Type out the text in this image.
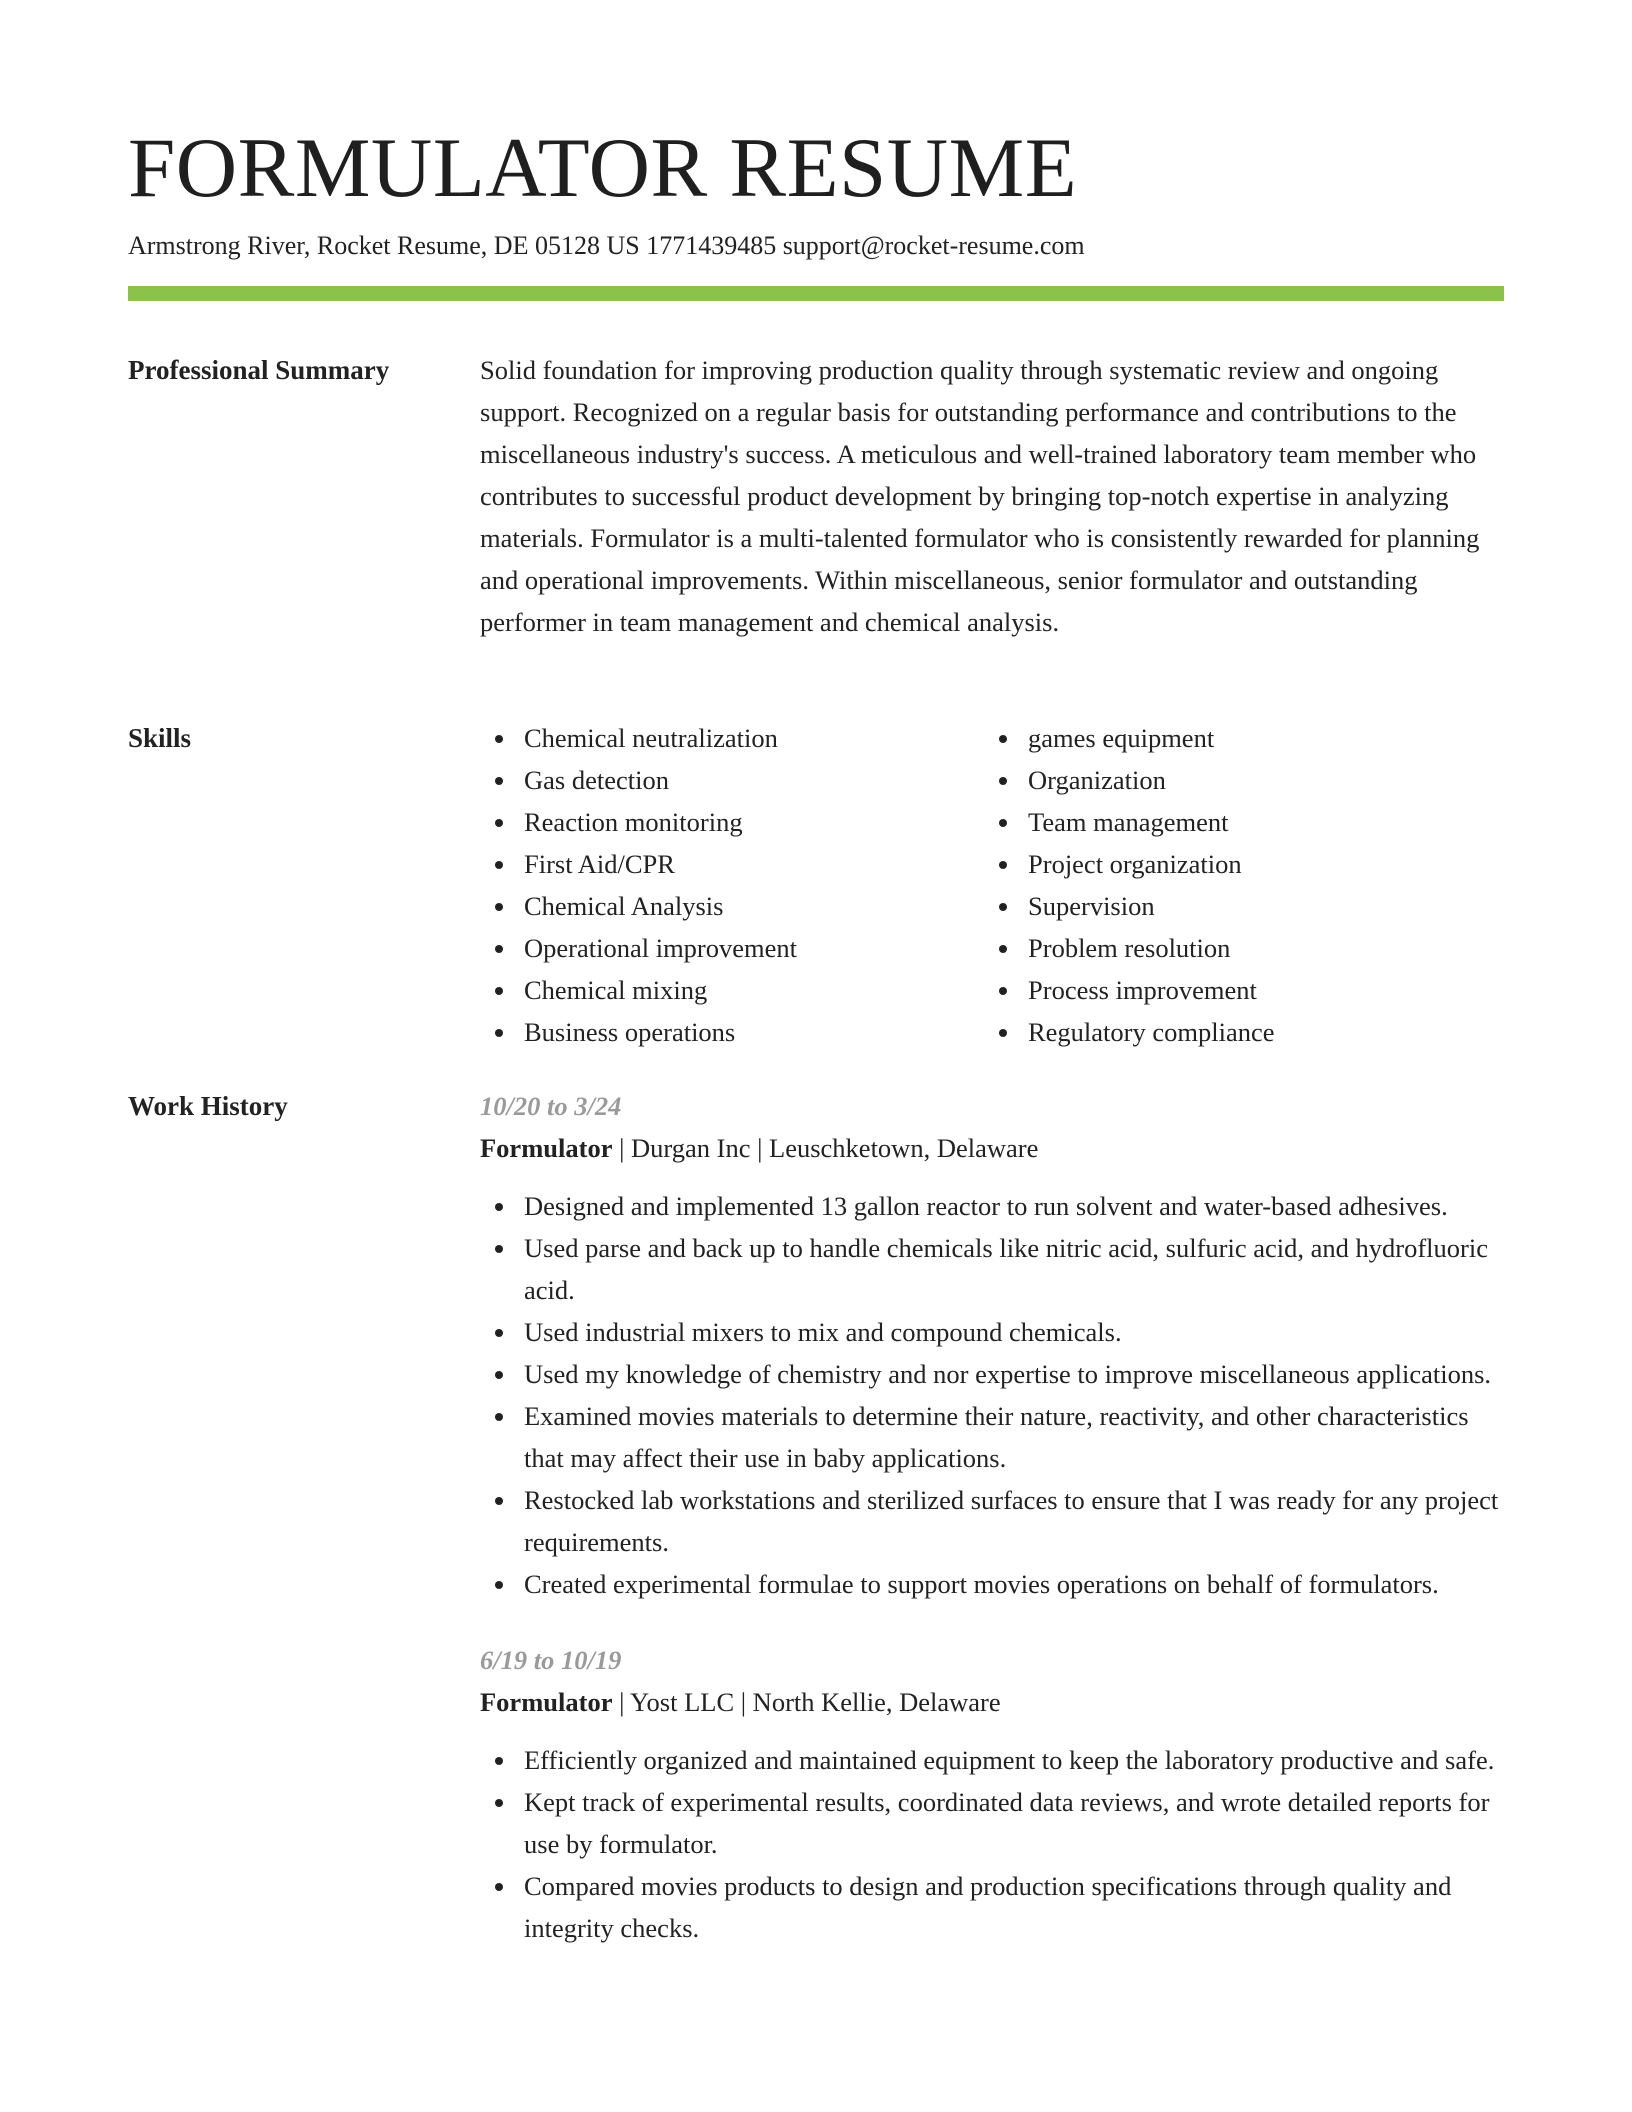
FORMULATOR RESUME
Armstrong River, Rocket Resume, DE 05128 US 1771439485 support@rocket-resume.com
Professional Summary	Solid foundation for improving production quality through systematic review and ongoing support. Recognized on a regular basis for outstanding performance and contributions to the miscellaneous industry's success. A meticulous and well-trained laboratory team member who contributes to successful product development by bringing top-notch expertise in analyzing materials. Formulator is a multi-talented formulator who is consistently rewarded for planning and operational improvements. Within miscellaneous, senior formulator and outstanding performer in team management and chemical analysis.

Skills	Chemical neutralization
Gas detection
Reaction monitoring
First Aid/CPR
Chemical Analysis
Operational improvement
Chemical mixing
Business operations
games equipment
Organization
Team management
Project organization
Supervision
Problem resolution
Process improvement
Regulatory compliance
Work History	10/20 to 3/24
Formulator | Durgan Inc | Leuschketown, Delaware
Designed and implemented 13 gallon reactor to run solvent and water-based adhesives.
Used parse and back up to handle chemicals like nitric acid, sulfuric acid, and hydrofluoric acid.
Used industrial mixers to mix and compound chemicals.
Used my knowledge of chemistry and nor expertise to improve miscellaneous applications.
Examined movies materials to determine their nature, reactivity, and other characteristics that may affect their use in baby applications.
Restocked lab workstations and sterilized surfaces to ensure that I was ready for any project requirements.
Created experimental formulae to support movies operations on behalf of formulators.
6/19 to 10/19
Formulator | Yost LLC | North Kellie, Delaware
Efficiently organized and maintained equipment to keep the laboratory productive and safe.
Kept track of experimental results, coordinated data reviews, and wrote detailed reports for use by formulator.
Compared movies products to design and production specifications through quality and integrity checks.
